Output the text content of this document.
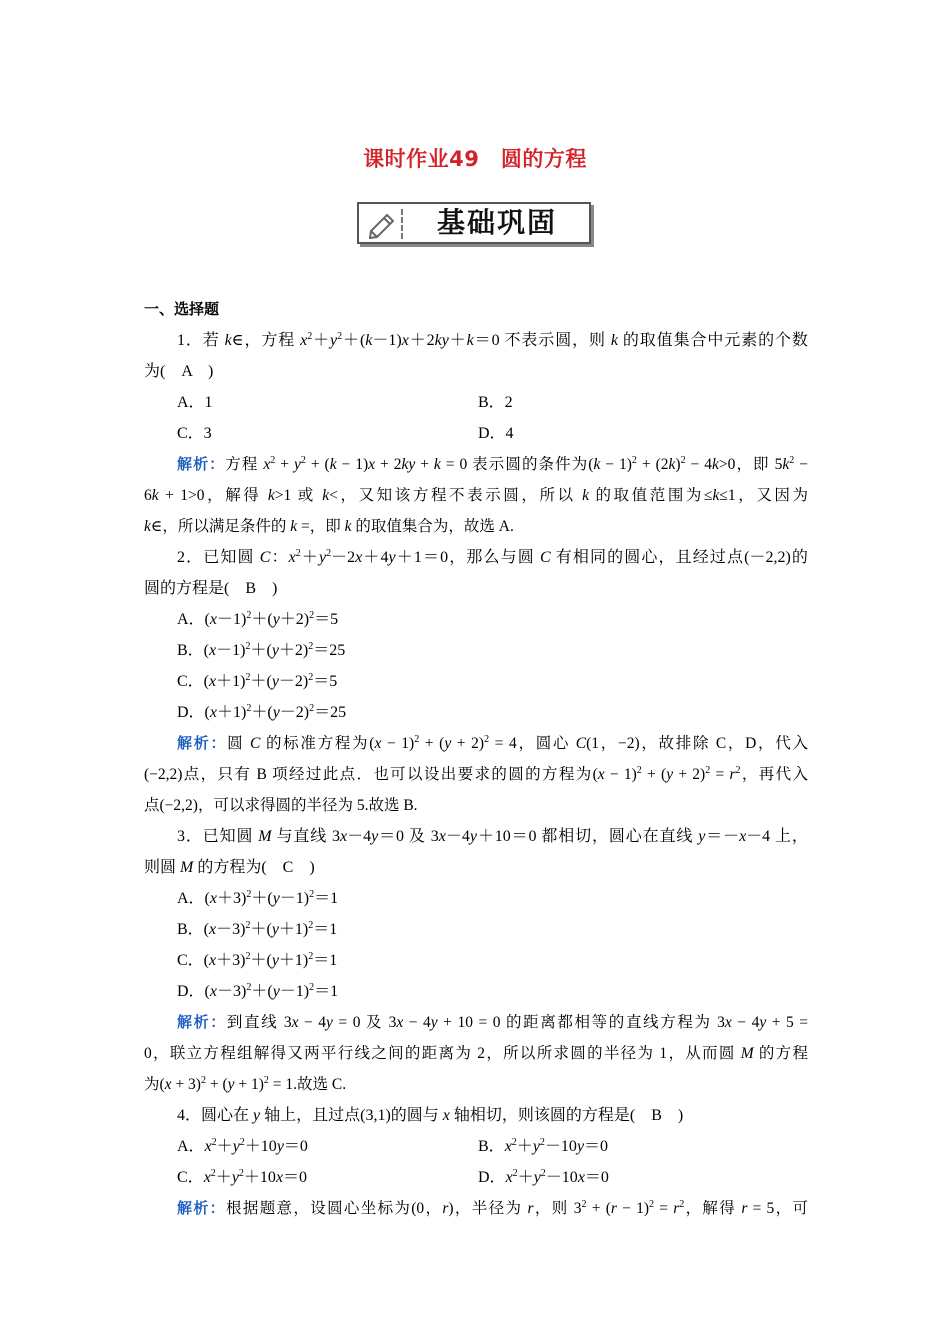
课时作业49　圆的方程
基础巩固
一、选择题
1．若 k∈，方程 $x^2+y^2+(k-1)x+2ky+k=0$ 不表示圆，则 k 的取值集合中元素的个数
为(　A　)
A．1	B．2
C．3	D．4
解析：方程 $x^2 + y^2 + (k - 1)x + 2ky + k = 0$ 表示圆的条件为$(k - 1)^2 + (2k)^2 - 4k>0$，即 $5k^2$ −
6k + 1>0，解得 k>1 或 k<，又知该方程不表示圆，所以 k 的取值范围为≤k≤1，又因为
k∈，所以满足条件的 k =，即 k 的取值集合为，故选 A.
2．已知圆 C：$x^2+y^2-2x+4y+1=0$，那么与圆 C 有相同的圆心，且经过点(－2,2)的
圆的方程是(　B　)
A．$(x-1)^2+(y+2)^2=5$
B．$(x-1)^2+(y+2)^2=25$
C．$(x+1)^2+(y-2)^2=5$
D．$(x+1)^2+(y-2)^2=25$
解析：圆 C 的标准方程为$(x - 1)^2 + (y + 2)^2 = 4$，圆心 C(1，−2)，故排除 C，D，代入
(−2,2)点，只有 B 项经过此点．也可以设出要求的圆的方程为$(x - 1)^2 + (y + 2)^2 = r^2$，再代入
点(−2,2)，可以求得圆的半径为 5.故选 B.
3．已知圆 M 与直线 3x－4y＝0 及 3x－4y＋10＝0 都相切，圆心在直线 y＝－x－4 上，
则圆 M 的方程为(　C　)
A．$(x+3)^2+(y-1)^2=1$
B．$(x-3)^2+(y+1)^2=1$
C．$(x+3)^2+(y+1)^2=1$
D．$(x-3)^2+(y-1)^2=1$
解析：到直线 3x − 4y = 0 及 3x − 4y + 10 = 0 的距离都相等的直线方程为 3x − 4y + 5 =
0，联立方程组解得又两平行线之间的距离为 2，所以所求圆的半径为 1，从而圆 M 的方程
为$(x + 3)^2 + (y + 1)^2 = 1$.故选 C.
4．圆心在 y 轴上，且过点(3,1)的圆与 x 轴相切，则该圆的方程是(　B　)
A．$x^2+y^2+10y=0$	B．$x^2+y^2-10y=0$
C．$x^2+y^2+10x=0$	D．$x^2+y^2-10x=0$
解析：根据题意，设圆心坐标为(0，r)，半径为 r，则 $3^2 + (r - 1)^2 = r^2$，解得 r = 5，可
